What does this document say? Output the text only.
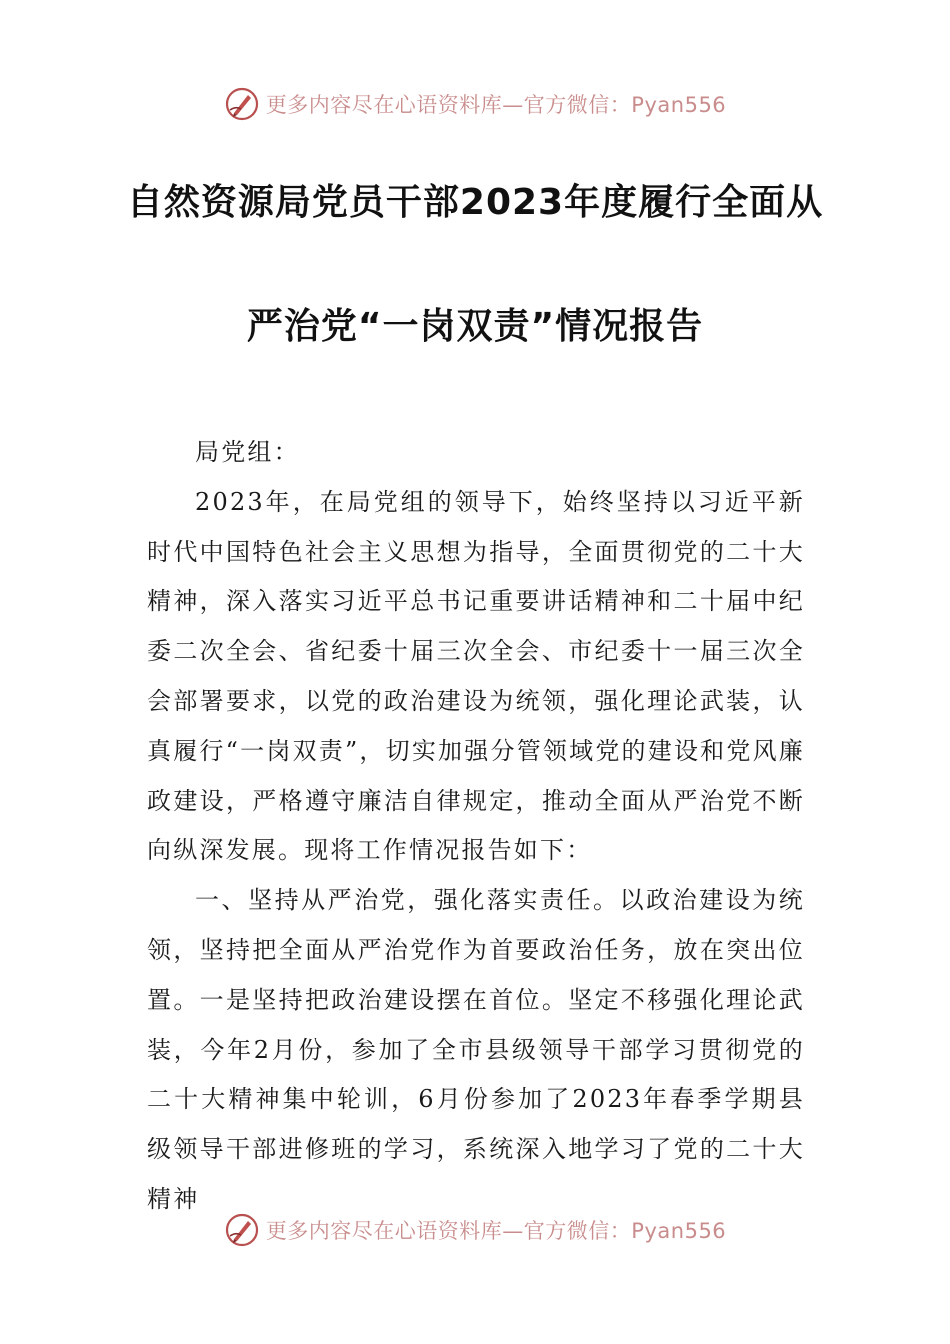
更多内容尽在心语资料库—官方微信：Pyan556
自然资源局党员干部2023年度履行全面从
严治党“一岗双责”情况报告

局党组：

2023年，在局党组的领导下，始终坚持以习近平新时代中国特色社会主义思想为指导，全面贯彻党的二十大精神，深入落实习近平总书记重要讲话精神和二十届中纪委二次全会、省纪委十届三次全会、市纪委十一届三次全会部署要求，以党的政治建设为统领，强化理论武装，认真履行“一岗双责”，切实加强分管领域党的建设和党风廉政建设，严格遵守廉洁自律规定，推动全面从严治党不断向纵深发展。现将工作情况报告如下：

一、坚持从严治党，强化落实责任。以政治建设为统领，坚持把全面从严治党作为首要政治任务，放在突出位置。一是坚持把政治建设摆在首位。坚定不移强化理论武装，今年2月份，参加了全市县级领导干部学习贯彻党的二十大精神集中轮训，6月份参加了2023年春季学期县级领导干部进修班的学习，系统深入地学习了党的二十大精神

更多内容尽在心语资料库—官方微信：Pyan556
